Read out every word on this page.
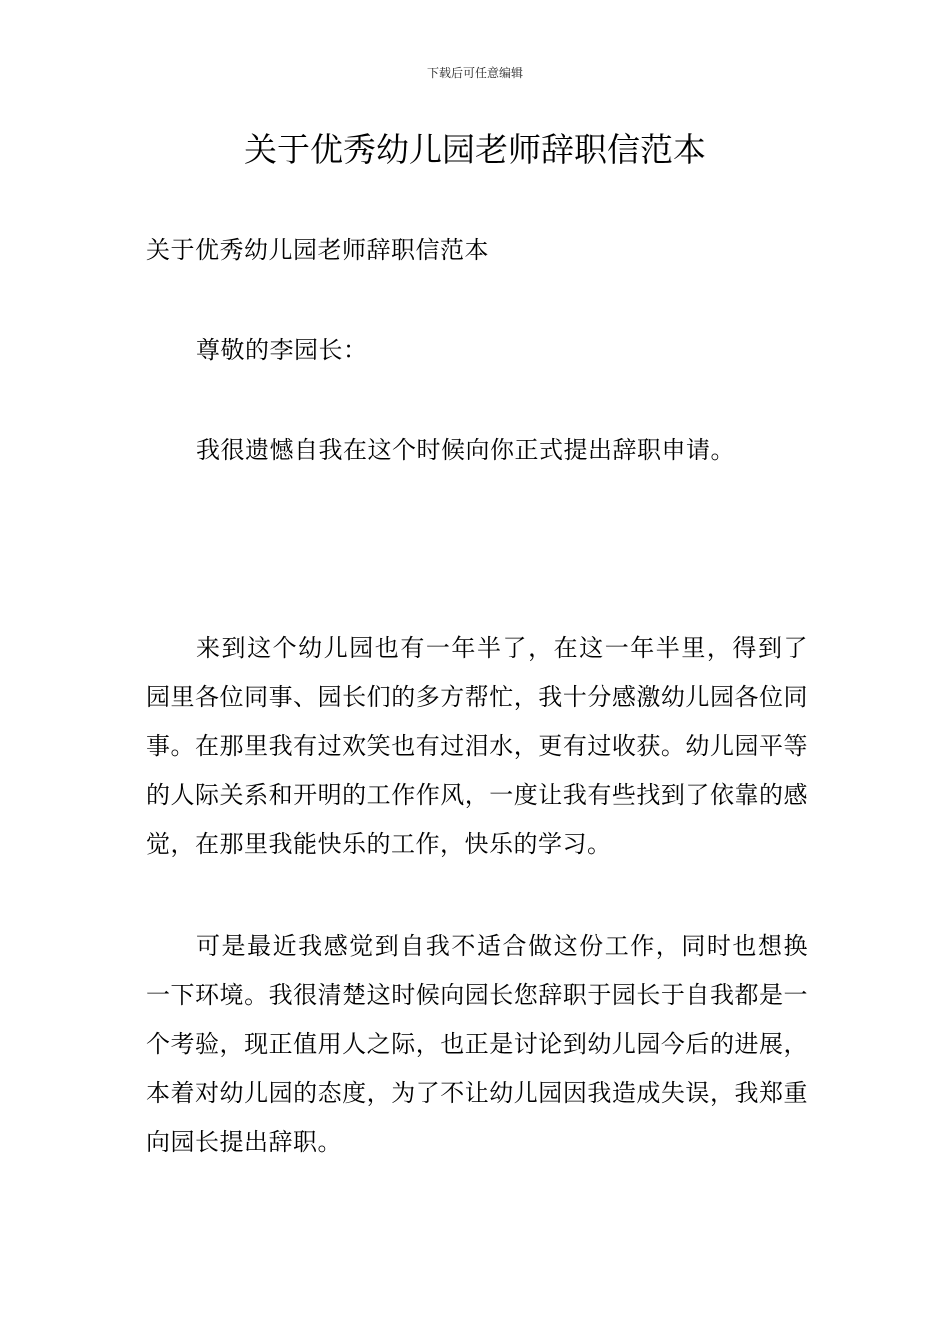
下载后可任意编辑
关于优秀幼儿园老师辞职信范本

关于优秀幼儿园老师辞职信范本

尊敬的李园长：

我很遗憾自我在这个时候向你正式提出辞职申请。

来到这个幼儿园也有一年半了，在这一年半里，得到了园里各位同事、园长们的多方帮忙，我十分感激幼儿园各位同事。在那里我有过欢笑也有过泪水，更有过收获。幼儿园平等的人际关系和开明的工作作风，一度让我有些找到了依靠的感觉，在那里我能快乐的工作，快乐的学习。

可是最近我感觉到自我不适合做这份工作，同时也想换一下环境。我很清楚这时候向园长您辞职于园长于自我都是一个考验，现正值用人之际，也正是讨论到幼儿园今后的进展，本着对幼儿园的态度，为了不让幼儿园因我造成失误，我郑重向园长提出辞职。
